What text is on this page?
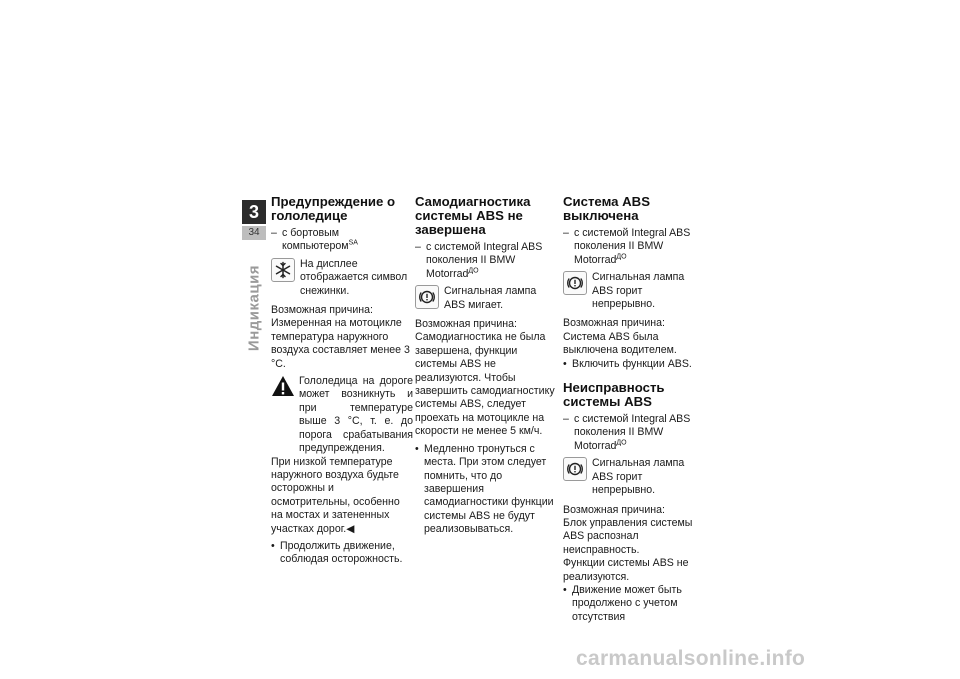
3
34
Индикация
Предупреждение о гололедице
– с бортовым компьютером$^{SA}$
На дисплее отображается символ снежинки.

Возможная причина:

Измеренная на мотоцикле температура наружного воздуха составляет менее 3 °C.

Гололедица на дороге может возникнуть и при температуре выше 3 °C, т. е. до порога срабатывания предупреждения.

При низкой температуре наружного воздуха будьте осторожны и осмотрительны, особенно на мостах и затененных участках дорог.◀

• Продолжить движение, соблюдая осторожность.
Самодиагностика системы ABS не завершена
– с системой Integral ABS поколения II BMW Motorrad$^{ДО}$
Сигнальная лампа ABS мигает.

Возможная причина:

Самодиагностика не была завершена, функции системы ABS не реализуются. Чтобы завершить самодиагностику системы ABS, следует проехать на мотоцикле на скорости не менее 5 км/ч.

• Медленно тронуться с места. При этом следует помнить, что до завершения самодиагностики функции системы ABS не будут реализовываться.
Система ABS выключена
– с системой Integral ABS поколения II BMW Motorrad$^{ДО}$
Сигнальная лампа ABS горит непрерывно.

Возможная причина:

Система ABS была выключена водителем.

• Включить функции ABS.
Неисправность системы ABS
– с системой Integral ABS поколения II BMW Motorrad$^{ДО}$
Сигнальная лампа ABS горит непрерывно.

Возможная причина:

Блок управления системы ABS распознал неисправность.

Функции системы ABS не реализуются.

• Движение может быть продолжено с учетом отсутствия
carmanualsonline.info
